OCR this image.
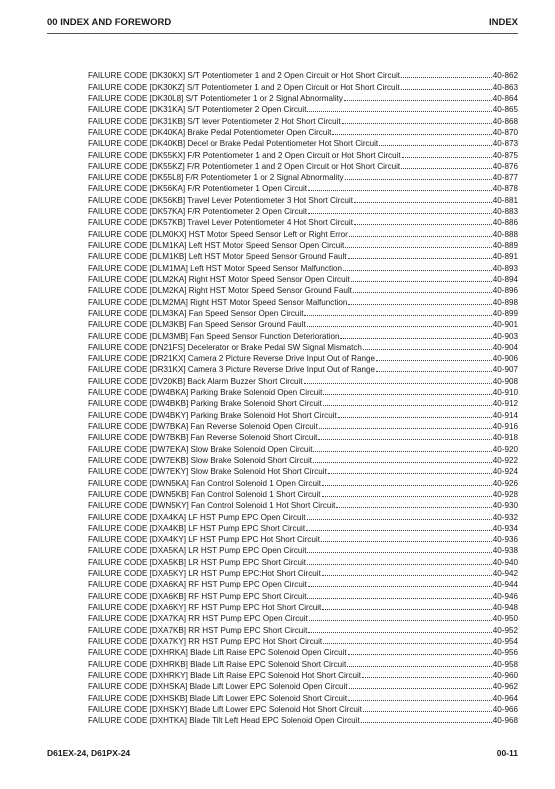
00 INDEX AND FOREWORD	INDEX
FAILURE CODE [DK30KX] S/T Potentiometer 1 and 2 Open Circuit or Hot Short Circuit	40-862
FAILURE CODE [DK30KZ] S/T Potentiometer 1 and 2 Open Circuit or Hot Short Circuit	40-863
FAILURE CODE [DK30L8] S/T Potentiometer 1 or 2 Signal Abnormality	40-864
FAILURE CODE [DK31KA] S/T Potentiometer 2 Open Circuit	40-865
FAILURE CODE [DK31KB] S/T lever Potentiometer 2 Hot Short Circuit	40-868
FAILURE CODE [DK40KA] Brake Pedal Potentiometer Open Circuit	40-870
FAILURE CODE [DK40KB] Decel or Brake Pedal Potentiometer Hot Short Circuit	40-873
FAILURE CODE [DK55KX] F/R Potentiometer 1 and 2 Open Circuit or Hot Short Circuit	40-875
FAILURE CODE [DK55KZ] F/R Potentiometer 1 and 2 Open Circuit or Hot Short Circuit	40-876
FAILURE CODE [DK55L8] F/R Potentiometer 1 or 2 Signal Abnormality	40-877
FAILURE CODE [DK56KA] F/R Potentiometer 1 Open Circuit	40-878
FAILURE CODE [DK56KB] Travel Lever Potentiometer 3 Hot Short Circuit	40-881
FAILURE CODE [DK57KA] F/R Potentiometer 2 Open Circuit	40-883
FAILURE CODE [DK57KB] Travel Lever Potentiometer 4 Hot Short Circuit	40-886
FAILURE CODE [DLM0KX] HST Motor Speed Sensor Left or Right Error	40-888
FAILURE CODE [DLM1KA] Left HST Motor Speed Sensor Open Circuit	40-889
FAILURE CODE [DLM1KB] Left HST Motor Speed Sensor Ground Fault	40-891
FAILURE CODE [DLM1MA] Left HST Motor Speed Sensor Malfunction	40-893
FAILURE CODE [DLM2KA] Right HST Motor Speed Sensor Open Circuit	40-894
FAILURE CODE [DLM2KA] Right HST Motor Speed Sensor Ground Fault	40-896
FAILURE CODE [DLM2MA] Right HST Motor Speed Sensor Malfunction	40-898
FAILURE CODE [DLM3KA] Fan Speed Sensor Open Circuit	40-899
FAILURE CODE [DLM3KB] Fan Speed Sensor Ground Fault	40-901
FAILURE CODE [DLM3MB] Fan Speed Sensor Function Deterioration	40-903
FAILURE CODE [DN21FS] Decelerator or Brake Pedal SW Signal Mismatch	40-904
FAILURE CODE [DR21KX] Camera 2 Picture Reverse Drive Input Out of Range	40-906
FAILURE CODE [DR31KX] Camera 3 Picture Reverse Drive Input Out of Range	40-907
FAILURE CODE [DV20KB] Back Alarm Buzzer Short Circuit	40-908
FAILURE CODE [DW4BKA] Parking Brake Solenoid Open Circuit	40-910
FAILURE CODE [DW4BKB] Parking Brake Solenoid Short Circuit	40-912
FAILURE CODE [DW4BKY] Parking Brake Solenoid Hot Short Circuit	40-914
FAILURE CODE [DW7BKA] Fan Reverse Solenoid Open Circuit	40-916
FAILURE CODE [DW7BKB] Fan Reverse Solenoid Short Circuit	40-918
FAILURE CODE [DW7EKA] Slow Brake Solenoid Open Circuit	40-920
FAILURE CODE [DW7EKB] Slow Brake Solenoid Short Circuit	40-922
FAILURE CODE [DW7EKY] Slow Brake Solenoid Hot Short Circuit	40-924
FAILURE CODE [DWN5KA] Fan Control Solenoid 1 Open Circuit	40-926
FAILURE CODE [DWN5KB] Fan Control Solenoid 1 Short Circuit	40-928
FAILURE CODE [DWN5KY] Fan Control Solenoid 1 Hot Short Circuit	40-930
FAILURE CODE [DXA4KA] LF HST Pump EPC Open Circuit	40-932
FAILURE CODE [DXA4KB] LF HST Pump EPC Short Circuit	40-934
FAILURE CODE [DXA4KY] LF HST Pump EPC Hot Short Circuit	40-936
FAILURE CODE [DXA5KA] LR HST Pump EPC Open Circuit	40-938
FAILURE CODE [DXA5KB] LR HST Pump EPC Short Circuit	40-940
FAILURE CODE [DXA5KY] LR HST Pump EPC:Hot Short Circuit	40-942
FAILURE CODE [DXA6KA] RF HST Pump EPC Open Circuit	40-944
FAILURE CODE [DXA6KB] RF HST Pump EPC Short Circuit	40-946
FAILURE CODE [DXA6KY] RF HST Pump EPC Hot Short Circuit	40-948
FAILURE CODE [DXA7KA] RR HST Pump EPC Open Circuit	40-950
FAILURE CODE [DXA7KB] RR HST Pump EPC Short Circuit	40-952
FAILURE CODE [DXA7KY] RR HST Pump EPC Hot Short Circuit	40-954
FAILURE CODE [DXHRKA] Blade Lift Raise EPC Solenoid Open Circuit	40-956
FAILURE CODE [DXHRKB] Blade Lift Raise EPC Solenoid Short Circuit	40-958
FAILURE CODE [DXHRKY] Blade Lift Raise EPC Solenoid Hot Short Circuit	40-960
FAILURE CODE [DXHSKA] Blade Lift Lower EPC Solenoid Open Circuit	40-962
FAILURE CODE [DXHSKB] Blade Lift Lower EPC Solenoid Short Circuit	40-964
FAILURE CODE [DXHSKY] Blade Lift Lower EPC Solenoid Hot Short Circuit	40-966
FAILURE CODE [DXHTKA] Blade Tilt Left Head EPC Solenoid Open Circuit	40-968
D61EX-24, D61PX-24	00-11
